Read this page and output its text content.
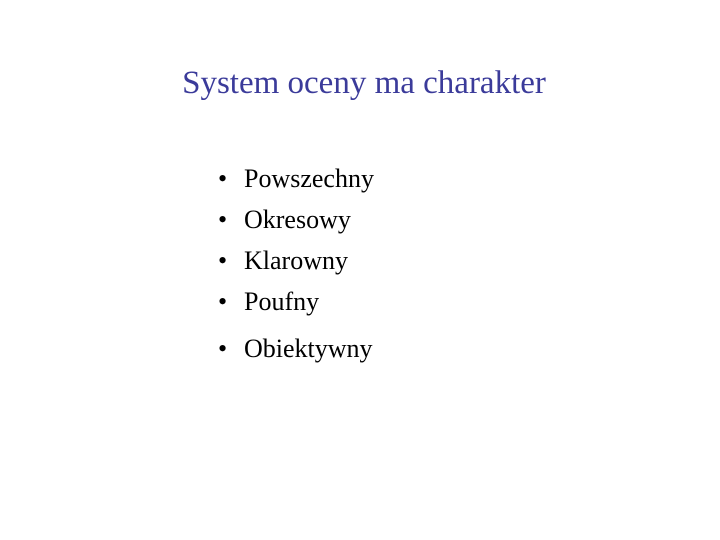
System oceny ma charakter
• Powszechny
• Okresowy
• Klarowny
• Poufny
• Obiektywny
